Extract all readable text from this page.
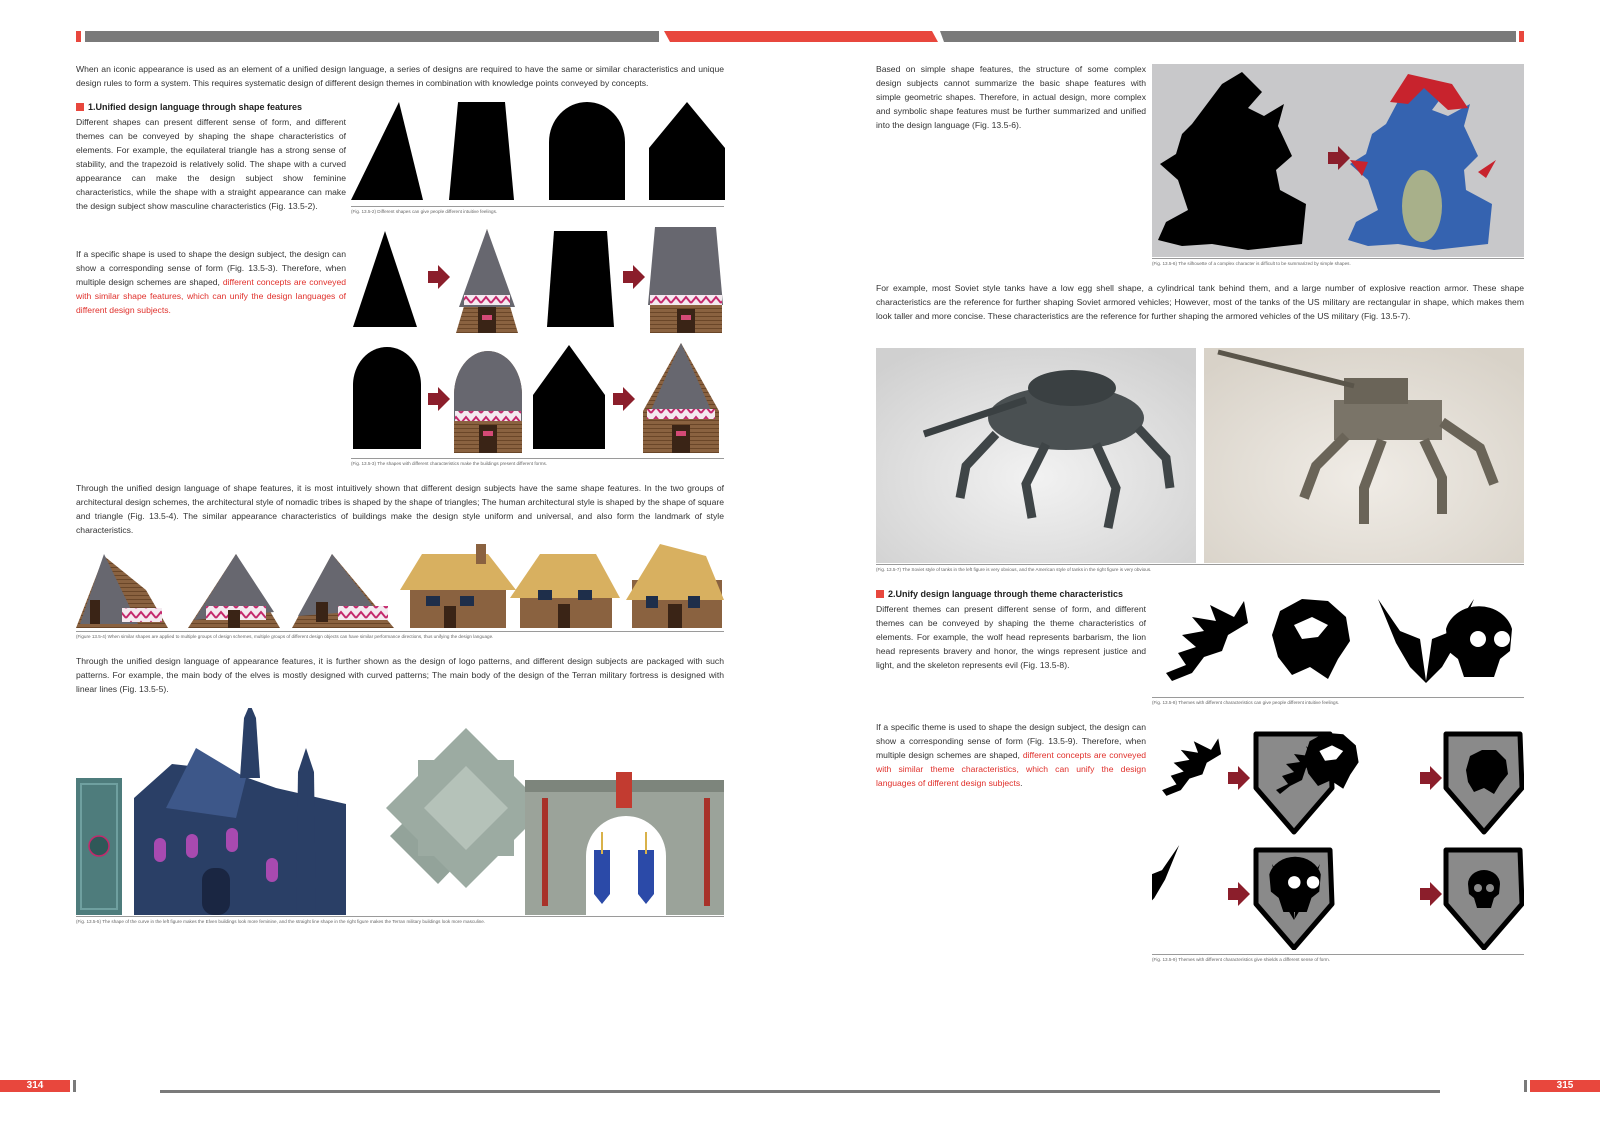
When an iconic appearance is used as an element of a unified design language, a series of designs are required to have the same or similar characteristics and unique design rules to form a system. This requires systematic design of different design themes in combination with knowledge points conveyed by concepts.
1.Unified design language through shape features
Different shapes can present different sense of form, and different themes can be conveyed by shaping the shape characteristics of elements. For example, the equilateral triangle has a strong sense of stability, and the trapezoid is relatively solid. The shape with a curved appearance can make the design subject show feminine characteristics, while the shape with a straight appearance can make the design subject show masculine characteristics (Fig. 13.5-2).
(Fig. 13.5-2) Different shapes can give people different intuitive feelings.
If a specific shape is used to shape the design subject, the design can show a corresponding sense of form (Fig. 13.5-3). Therefore, when multiple design schemes are shaped, different concepts are conveyed with similar shape features, which can unify the design languages of different design subjects.
(Fig. 13.5-3) The shapes with different characteristics make the buildings present different forms.
Through the unified design language of shape features, it is most intuitively shown that different design subjects have the same shape features. In the two groups of architectural design schemes, the architectural style of nomadic tribes is shaped by the shape of triangles; The human architectural style is shaped by the shape of square and triangle (Fig. 13.5-4). The similar appearance characteristics of buildings make the design style uniform and universal, and also form the landmark of style characteristics.
(Figure 13.5-4) When similar shapes are applied to multiple groups of design schemes, multiple groups of different design objects can have similar performance directions, thus unifying the design language.
Through the unified design language of appearance features, it is further shown as the design of logo patterns, and different design subjects are packaged with such patterns. For example, the main body of the elves is mostly designed with curved patterns; The main body of the design of the Terran military fortress is designed with linear lines (Fig. 13.5-5).
(Fig. 13.5-5) The shape of the curve in the left figure makes the Elven buildings look more feminine, and the straight line shape in the right figure makes the Terran military buildings look more masculine.
Based on simple shape features, the structure of some complex design subjects cannot summarize the basic shape features with simple geometric shapes. Therefore, in actual design, more complex and symbolic shape features must be further summarized and unified into the design language (Fig. 13.5-6).
(Fig. 13.5-6) The silhouette of a complex character is difficult to be summarized by simple shapes.
For example, most Soviet style tanks have a low egg shell shape, a cylindrical tank behind them, and a large number of explosive reaction armor. These shape characteristics are the reference for further shaping Soviet armored vehicles; However, most of the tanks of the US military are rectangular in shape, which makes them look taller and more concise. These characteristics are the reference for further shaping the armored vehicles of the US military (Fig. 13.5-7).
(Fig. 13.5-7) The Soviet style of tanks in the left figure is very obvious, and the American style of tanks in the right figure is very obvious.
2.Unify design language through theme characteristics
Different themes can present different sense of form, and different themes can be conveyed by shaping the theme characteristics of elements. For example, the wolf head represents barbarism, the lion head represents bravery and honor, the wings represent justice and light, and the skeleton represents evil (Fig. 13.5-8).
(Fig. 13.5-8) Themes with different characteristics can give people different intuitive feelings.
If a specific theme is used to shape the design subject, the design can show a corresponding sense of form (Fig. 13.5-9). Therefore, when multiple design schemes are shaped, different concepts are conveyed with similar theme characteristics, which can unify the design languages of different design subjects.
(Fig. 13.5-9) Themes with different characteristics give shields a different sense of form.
314	315
